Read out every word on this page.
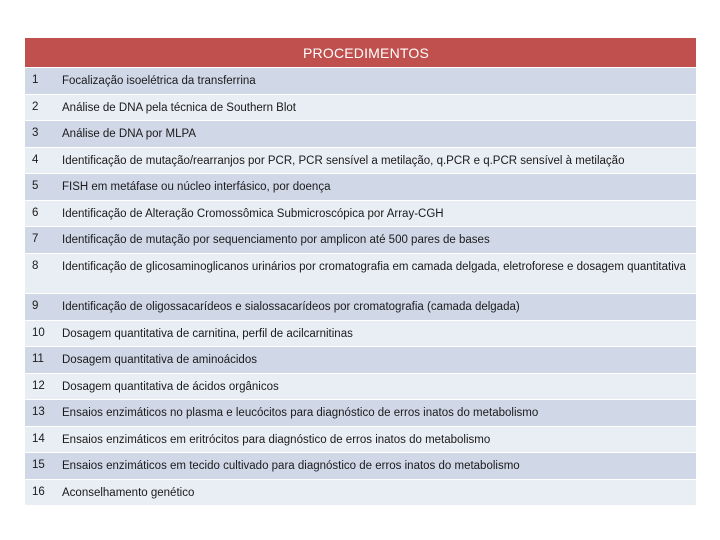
PROCEDIMENTOS
1	Focalização isoelétrica da transferrina
2	Análise de DNA pela técnica de Southern Blot
3	Análise de DNA por MLPA
4	Identificação de mutação/rearranjos por PCR, PCR sensível a metilação, q.PCR e q.PCR sensível à metilação
5	FISH em metáfase ou núcleo interfásico, por doença
6	Identificação de Alteração Cromossômica Submicroscópica por Array-CGH
7	Identificação de mutação por sequenciamento por amplicon até 500 pares de bases
8	Identificação de glicosaminoglicanos urinários por cromatografia em camada delgada, eletroforese e dosagem quantitativa
9	Identificação de oligossacarídeos e sialossacarídeos por cromatografia (camada delgada)
10	Dosagem quantitativa de carnitina, perfil de acilcarnitinas
11	Dosagem quantitativa de aminoácidos
12	Dosagem quantitativa de ácidos orgânicos
13	Ensaios enzimáticos no plasma e leucócitos para diagnóstico de erros inatos do metabolismo
14	Ensaios enzimáticos em eritrócitos para diagnóstico de erros inatos do metabolismo
15	Ensaios enzimáticos em tecido cultivado para diagnóstico de erros inatos do metabolismo
16	Aconselhamento genético
